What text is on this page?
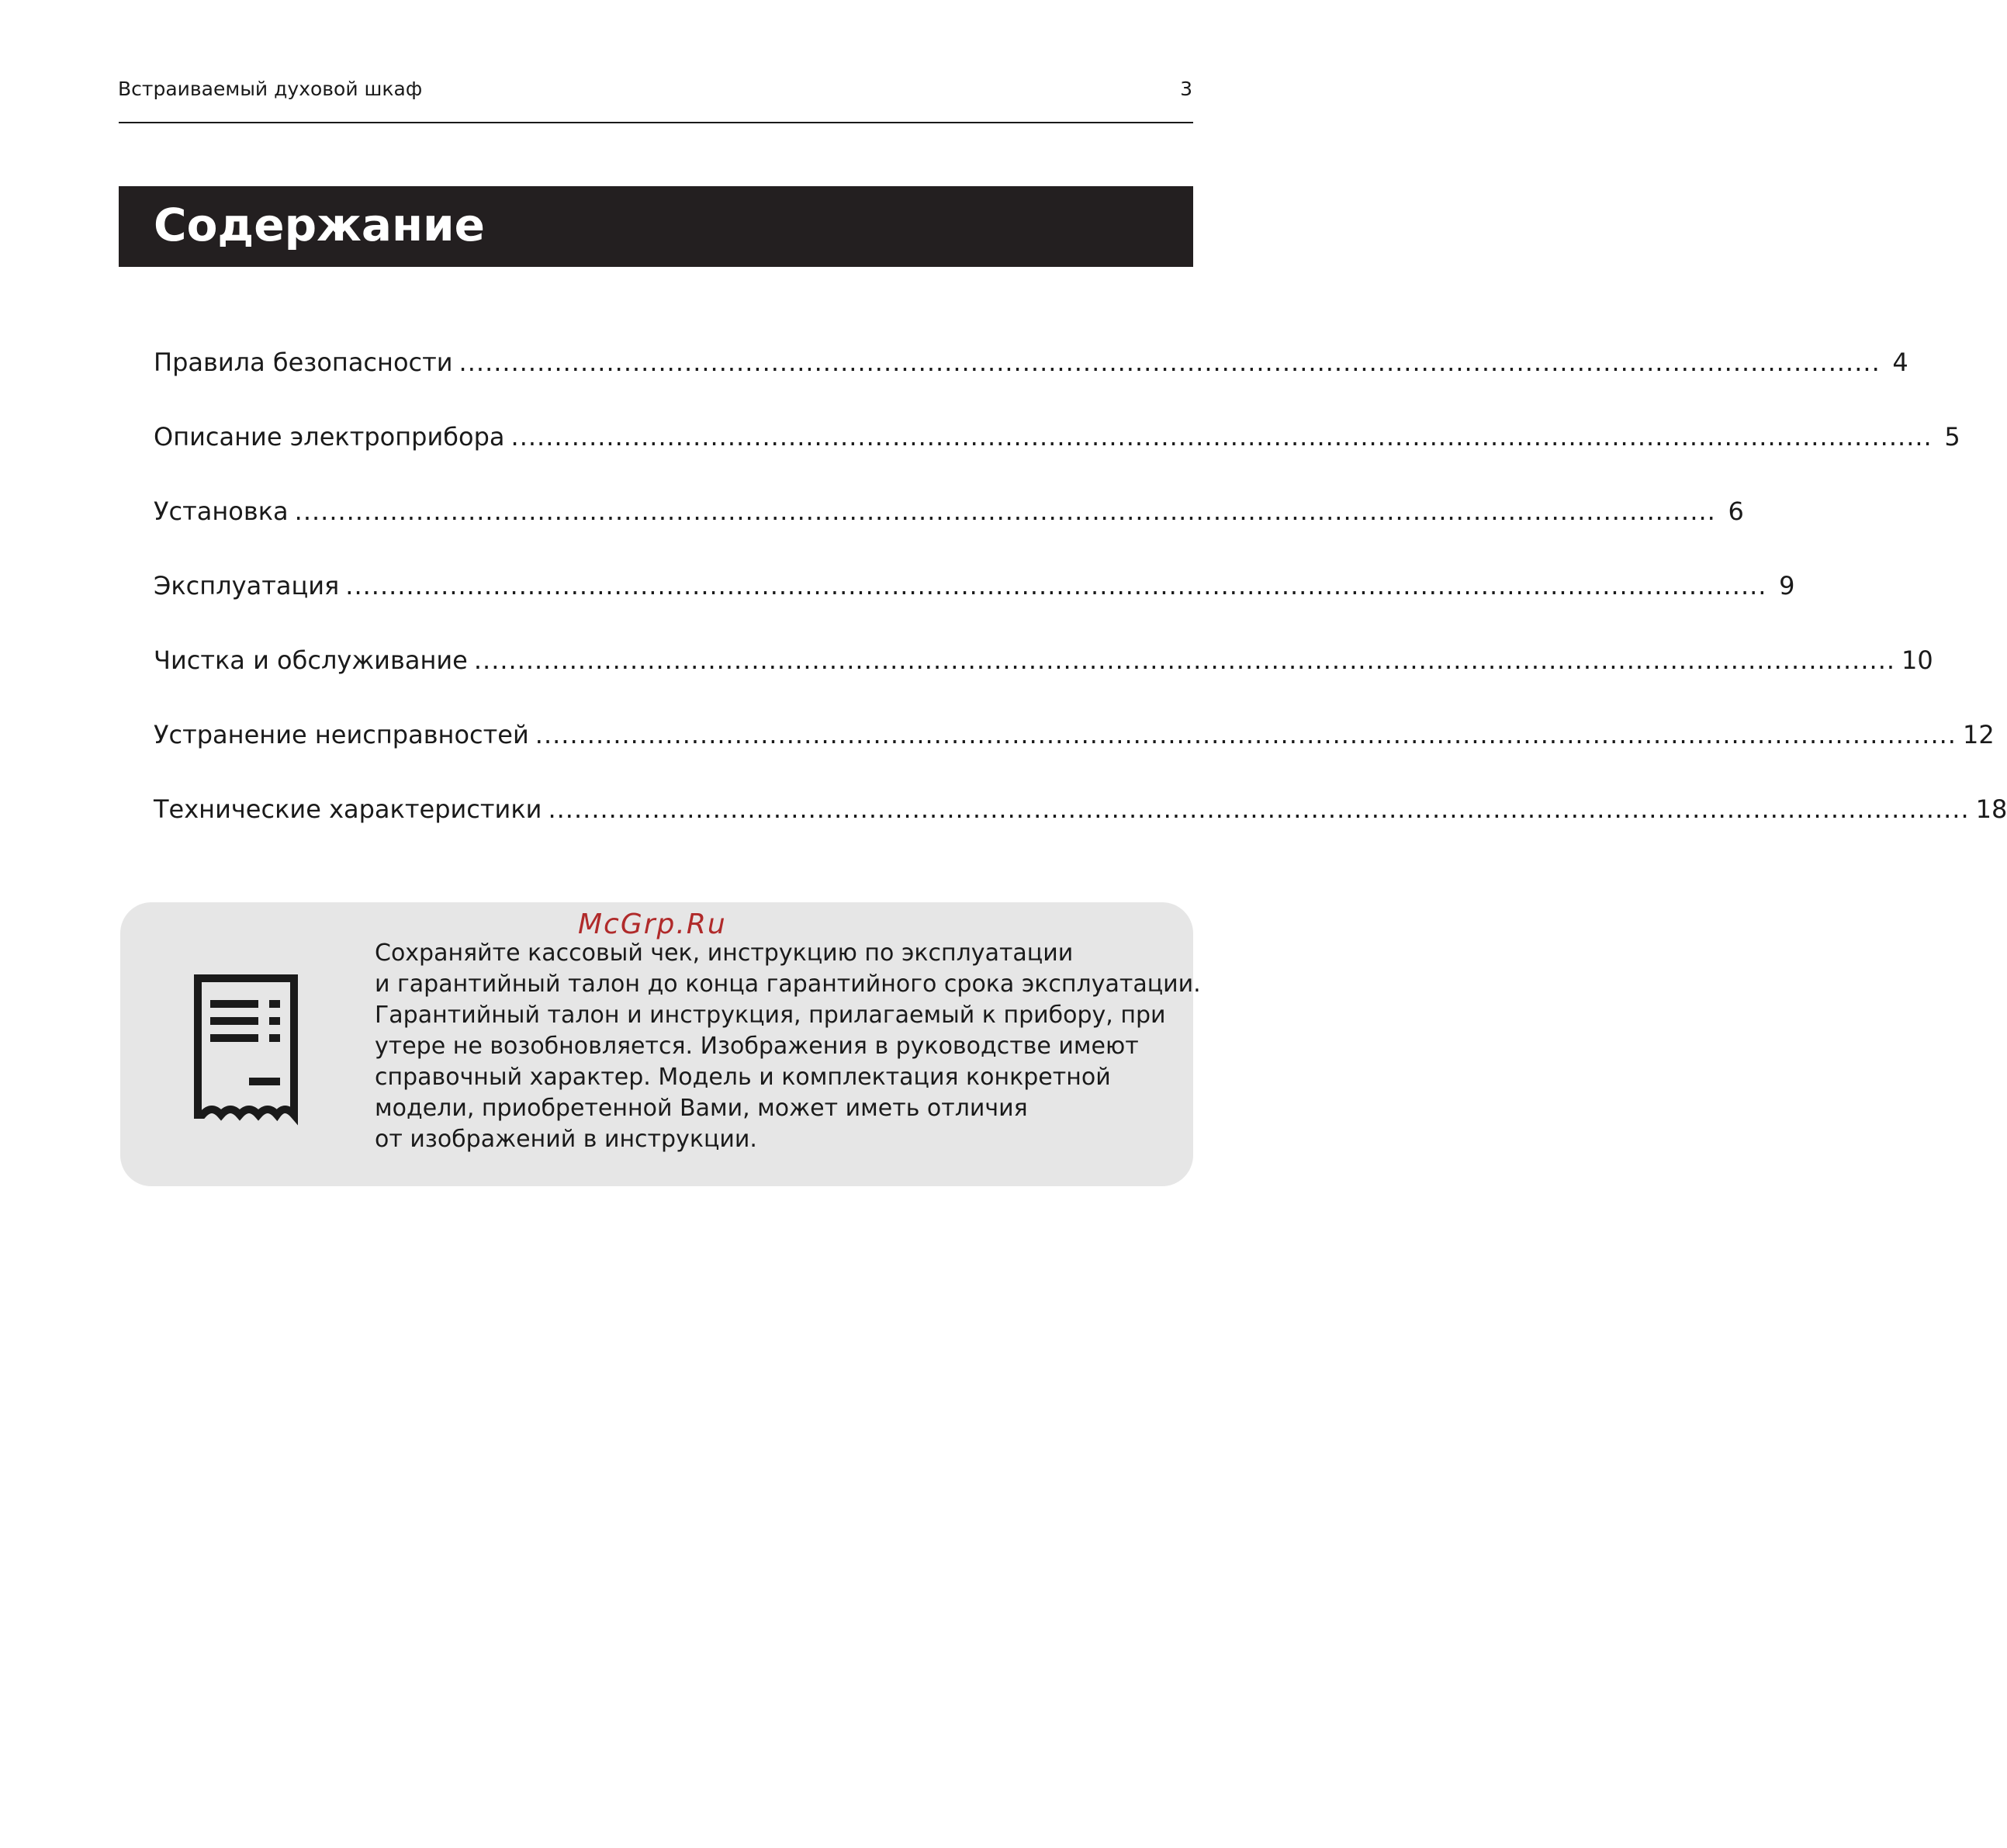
Встраиваемый духовой шкаф	3
Содержание
Правила безопасности .................................................................................................................................................................... 4
Описание электроприбора .................................................................................................................................................................... 5
Установка .................................................................................................................................................................... 6
Эксплуатация .................................................................................................................................................................... 9
Чистка и обслуживание .................................................................................................................................................................... 10
Устранение неисправностей .................................................................................................................................................................... 12
Технические характеристики .................................................................................................................................................................... 18
McGrp.Ru
Сохраняйте кассовый чек, инструкцию по эксплуатации
и гарантийный талон до конца гарантийного срока эксплуатации.
Гарантийный талон и инструкция, прилагаемый к прибору, при
утере не возобновляется. Изображения в руководстве имеют
справочный характер. Модель и комплектация конкретной
модели, приобретенной Вами, может иметь отличия
от изображений в инструкции.
